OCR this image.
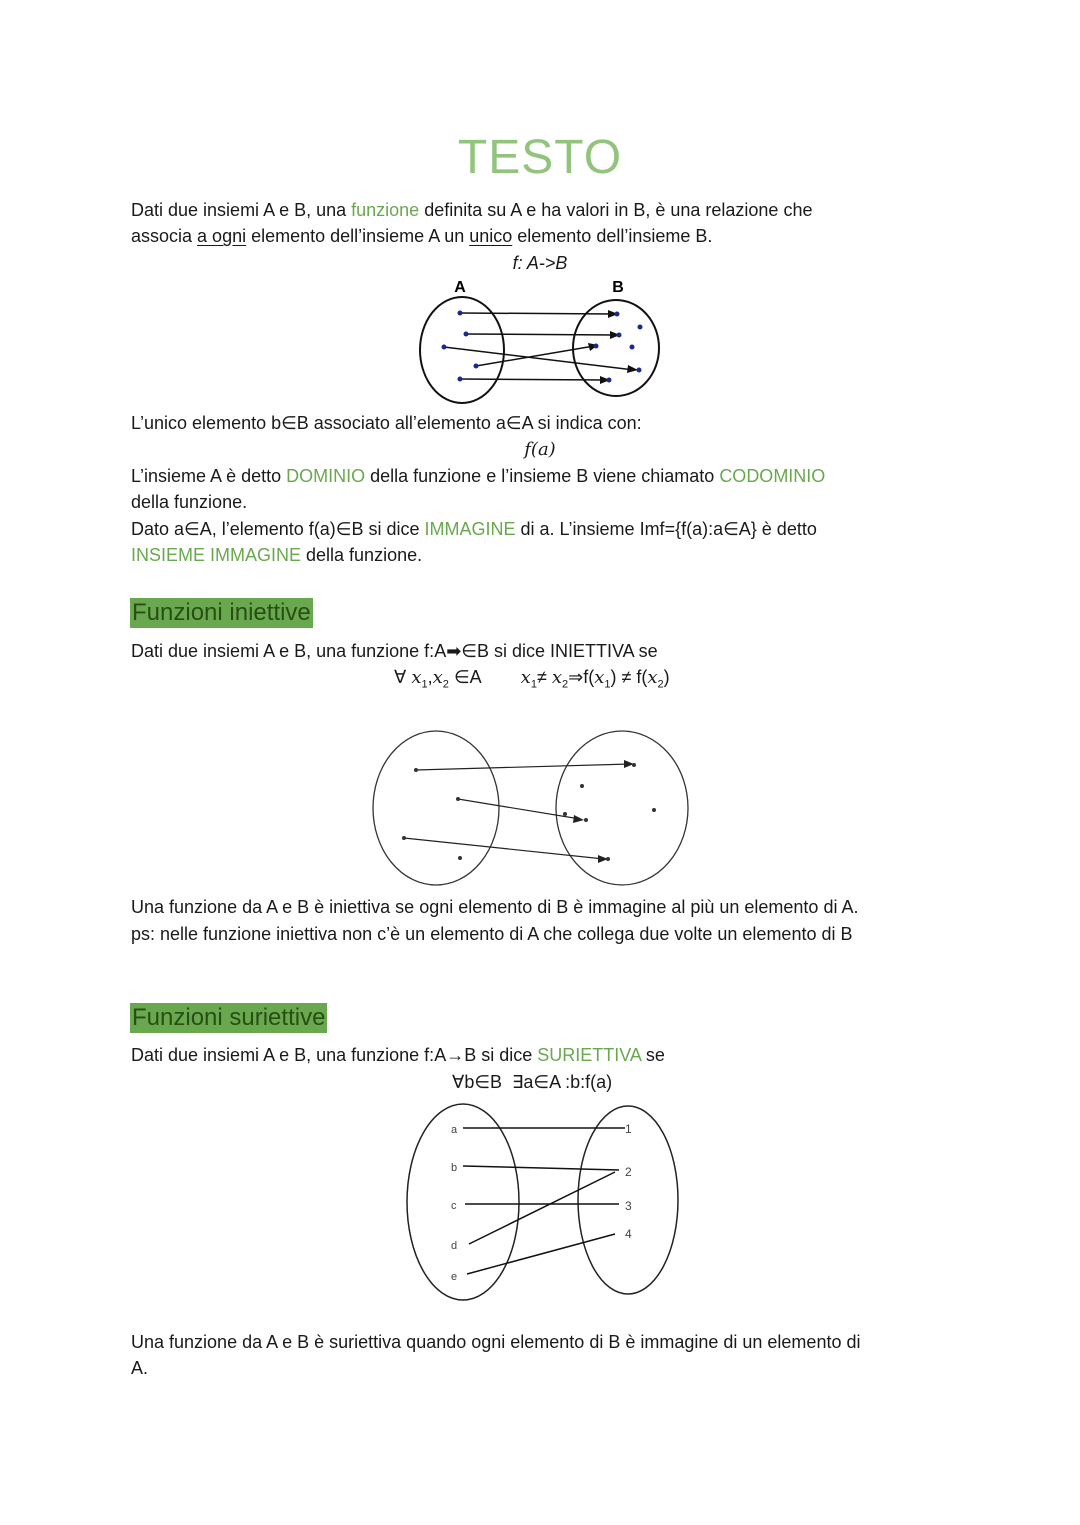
TESTO

Dati due insiemi A e B, una funzione definita su A e ha valori in B, è una relazione che

associa a ogni elemento dell’insieme A un unico elemento dell’insieme B.

f: A->B

A	B

L’unico elemento b∈B associato all’elemento a∈A si indica con:

f(a)

L’insieme A è detto DOMINIO della funzione e l’insieme B viene chiamato CODOMINIO

della funzione.

Dato a∈A, l’elemento f(a)∈B si dice IMMAGINE di a. L’insieme Imf={f(a):a∈A} è detto

INSIEME IMMAGINE della funzione.

Funzioni iniettive

Dati due insiemi A e B, una funzione f:A➡∈B si dice INIETTIVA se

∀ $x_1,x_2$ ∈A $x_1\ne$ $x_2\Rightarrow f(x_1) \ne f(x_2)$

Una funzione da A e B è iniettiva se ogni elemento di B è immagine al più un elemento di A.

ps: nelle funzione iniettiva non c’è un elemento di A che collega due volte un elemento di B

Funzioni suriettive

Dati due insiemi A e B, una funzione f:A→B si dice SURIETTIVA se

∀b∈B  ∃a∈A :b:f(a)

a
b
c
d
e
1
2
3
4

Una funzione da A e B è suriettiva quando ogni elemento di B è immagine di un elemento di

A.
